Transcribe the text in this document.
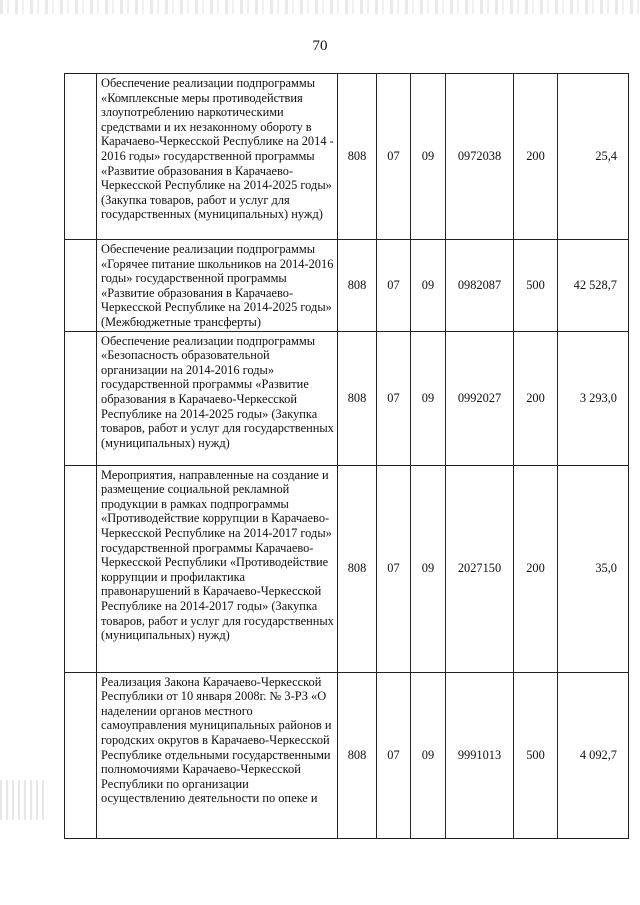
70
	Обеспечение реализации подпрограммы «Комплексные меры противодействия злоупотреблению наркотическими средствами и их незаконному обороту в Карачаево-Черкесской Республике на 2014 - 2016 годы» государственной программы «Развитие образования в Карачаево-Черкесской Республике на 2014-2025 годы» (Закупка товаров, работ и услуг для государственных (муниципальных) нужд)	808	07	09	0972038	200	25,4
	Обеспечение реализации подпрограммы «Горячее питание школьников на 2014-2016 годы» государственной программы «Развитие образования в Карачаево-Черкесской Республике на 2014-2025 годы» (Межбюджетные трансферты)	808	07	09	0982087	500	42 528,7
	Обеспечение реализации подпрограммы «Безопасность образовательной организации на 2014-2016 годы» государственной программы «Развитие образования в Карачаево-Черкесской Республике на 2014-2025 годы» (Закупка товаров, работ и услуг для государственных (муниципальных) нужд)	808	07	09	0992027	200	3 293,0
	Мероприятия, направленные на создание и размещение социальной рекламной продукции в рамках подпрограммы «Противодействие коррупции в Карачаево-Черкесской Республике на 2014-2017 годы» государственной программы Карачаево-Черкесской Республики «Противодействие коррупции и профилактика правонарушений в Карачаево-Черкесской Республике на 2014-2017 годы» (Закупка товаров, работ и услуг для государственных (муниципальных) нужд)	808	07	09	2027150	200	35,0
	Реализация Закона Карачаево-Черкесской Республики от 10 января 2008г. № 3-РЗ «О наделении органов местного самоуправления муниципальных районов и городских округов в Карачаево-Черкесской Республике отдельными государственными полномочиями Карачаево-Черкесской Республики по организации осуществлению деятельности по опеке и	808	07	09	9991013	500	4 092,7
